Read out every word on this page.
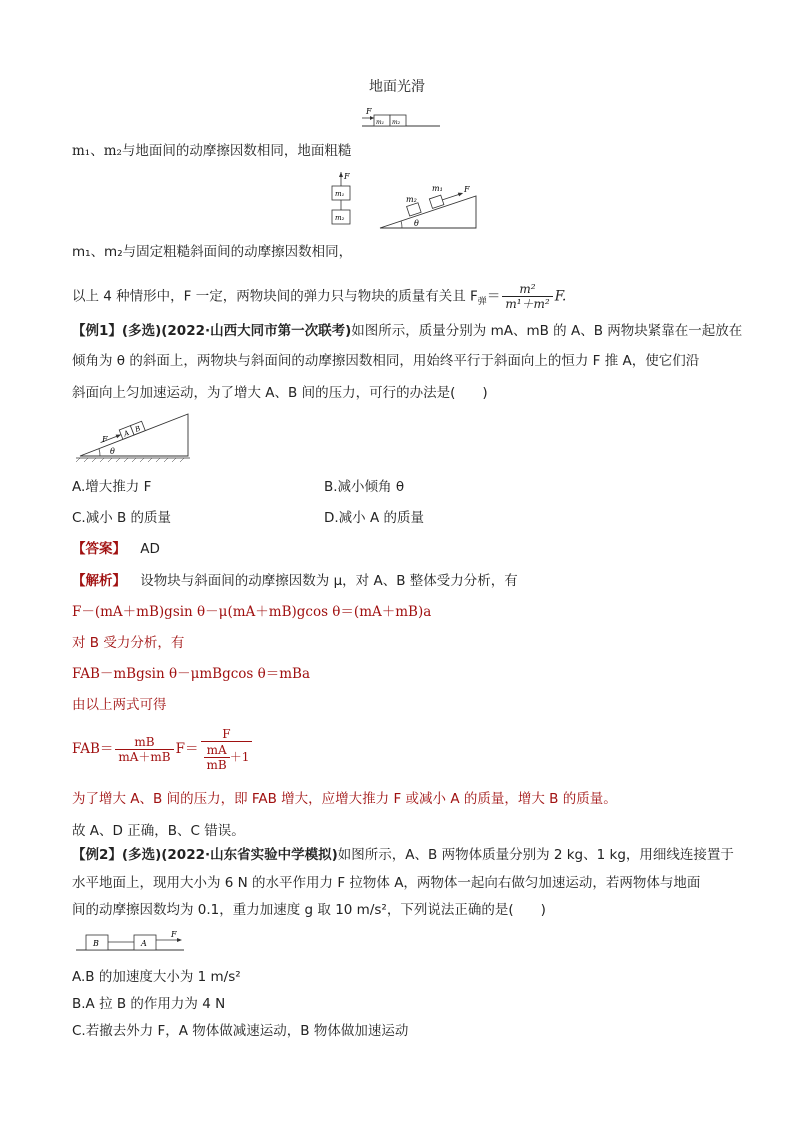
地面光滑
F
m₁ m₂
m₁、m₂与地面间的动摩擦因数相同，地面粗糙
F
m₁
m₂
m₂
m₁	F
θ
m₁、m₂与固定粗糙斜面间的动摩擦因数相同，
以上 4 种情形中，F 一定，两物块间的弹力只与物块的质量有关且 $F_弹= \frac{\text{m²}}{\text{m¹＋m²}} F$.
【例1】(多选)(2022·山西大同市第一次联考)如图所示，质量分别为 mA、mB 的 A、B 两物块紧靠在一起放在
倾角为 θ 的斜面上，两物块与斜面间的动摩擦因数相同，用始终平行于斜面向上的恒力 F 推 A，使它们沿
斜面向上匀加速运动，为了增大 A、B 间的压力，可行的办法是(　　)
A B
F
θ
A.增大推力 F	B.减小倾角 θ
C.减小 B 的质量	D.减小 A 的质量
【答案】 AD
【解析】 设物块与斜面间的动摩擦因数为 μ，对 A、B 整体受力分析，有
F－(mA＋mB)gsin θ－μ(mA＋mB)gcos θ＝(mA＋mB)a
对 B 受力分析，有
FAB－mBgsin θ－μmBgcos θ＝mBa
由以上两式可得
$FAB= \frac{mB}{mA+mB} F= \frac{F}{\frac{mA}{mB} +1}$
为了增大 A、B 间的压力，即 FAB 增大，应增大推力 F 或减小 A 的质量，增大 B 的质量。
故 A、D 正确，B、C 错误。
【例2】(多选)(2022·山东省实验中学模拟)如图所示，A、B 两物体质量分别为 2 kg、1 kg，用细线连接置于
水平地面上，现用大小为 6 N 的水平作用力 F 拉物体 A，两物体一起向右做匀加速运动，若两物体与地面
间的动摩擦因数均为 0.1，重力加速度 g 取 10 m/s²，下列说法正确的是(　　)
B	A
F
A.B 的加速度大小为 1 m/s²
B.A 拉 B 的作用力为 4 N
C.若撤去外力 F，A 物体做减速运动，B 物体做加速运动
